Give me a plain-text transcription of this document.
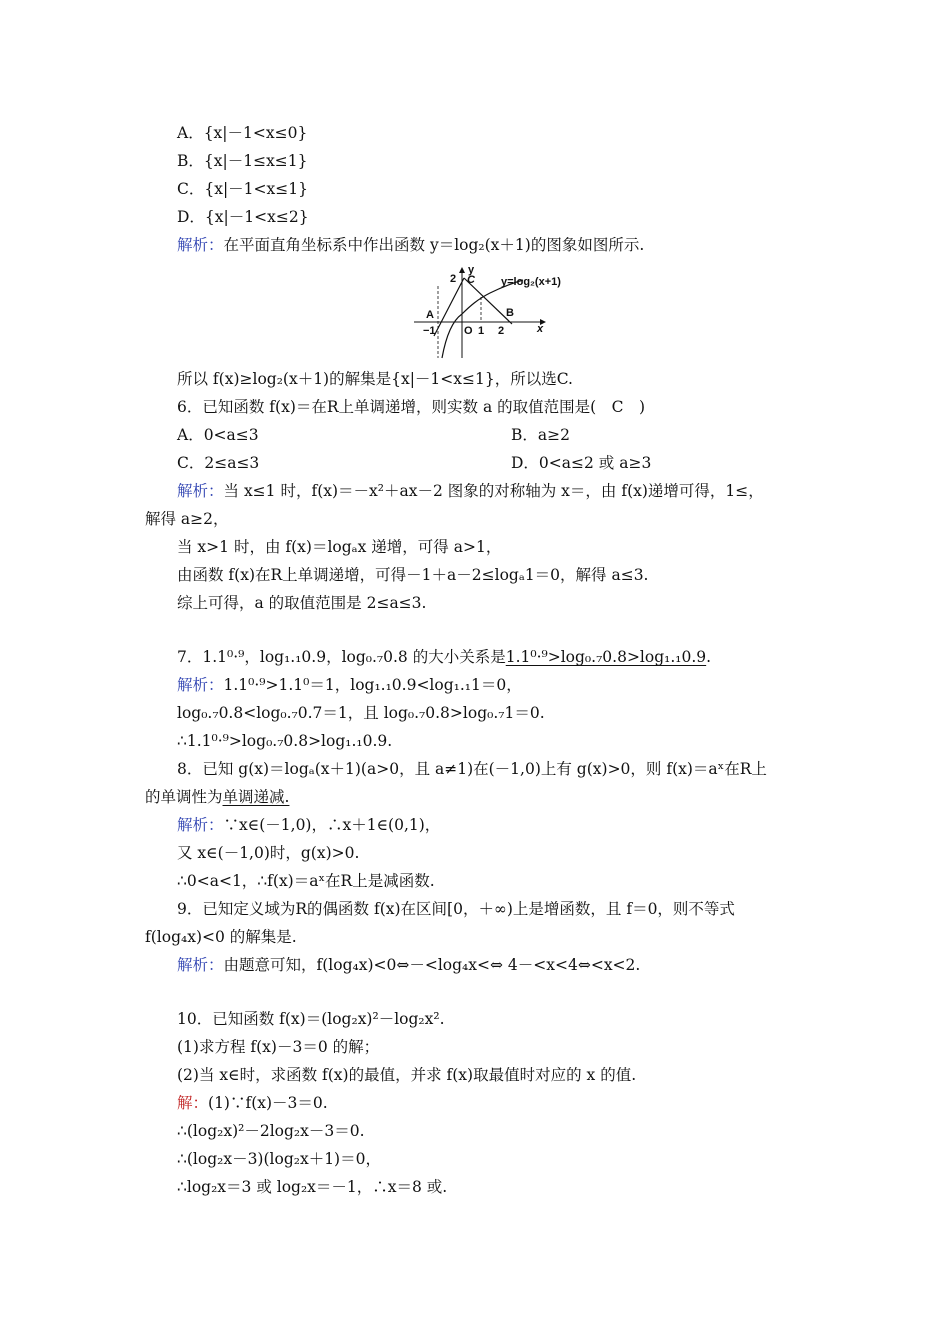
A．{x|－1<x≤0}
B．{x|－1≤x≤1}
C．{x|－1<x≤1}
D．{x|－1<x≤2}
解析：在平面直角坐标系中作出函数 y＝log₂(x＋1)的图象如图所示.
y
2 C y=log₂(x+1)
A	B
−1	O 1 2	x
所以 f(x)≥log₂(x＋1)的解集是{x|－1<x≤1}，所以选C.
6．已知函数 f(x)＝在R上单调递增，则实数 a 的取值范围是(　C　)
A．0<a≤3	B．a≥2
C．2≤a≤3	D．0<a≤2 或 a≥3
解析：当 x≤1 时，f(x)＝－x²＋ax－2 图象的对称轴为 x＝，由 f(x)递增可得，1≤，
解得 a≥2，
当 x>1 时，由 f(x)＝logₐx 递增，可得 a>1，
由函数 f(x)在R上单调递增，可得－1＋a－2≤logₐ1＝0，解得 a≤3.
综上可得，a 的取值范围是 2≤a≤3.
7．1.1⁰·⁹，log₁.₁0.9，log₀.₇0.8 的大小关系是1.1⁰·⁹>log₀.₇0.8>log₁.₁0.9.
解析：1.1⁰·⁹>1.1⁰＝1，log₁.₁0.9<log₁.₁1＝0，
log₀.₇0.8<log₀.₇0.7＝1，且 log₀.₇0.8>log₀.₇1＝0.
∴1.1⁰·⁹>log₀.₇0.8>log₁.₁0.9.
8．已知 g(x)＝logₐ(x＋1)(a>0，且 a≠1)在(－1,0)上有 g(x)>0，则 f(x)＝aˣ在R上
的单调性为单调递减.
解析：∵x∈(－1,0)，∴x＋1∈(0,1)，
又 x∈(－1,0)时，g(x)>0.
∴0<a<1，∴f(x)＝aˣ在R上是减函数.
9．已知定义域为R的偶函数 f(x)在区间[0，＋∞)上是增函数，且 f＝0，则不等式
f(log₄x)<0 的解集是.
解析：由题意可知，f(log₄x)<0⇔－<log₄x<⇔ 4－<x<4⇔<x<2.
10．已知函数 f(x)＝(log₂x)²－log₂x².
(1)求方程 f(x)－3＝0 的解；
(2)当 x∈时，求函数 f(x)的最值，并求 f(x)取最值时对应的 x 的值.
解：(1)∵f(x)－3＝0.
∴(log₂x)²－2log₂x－3＝0.
∴(log₂x－3)(log₂x＋1)＝0，
∴log₂x＝3 或 log₂x＝－1，∴x＝8 或.
